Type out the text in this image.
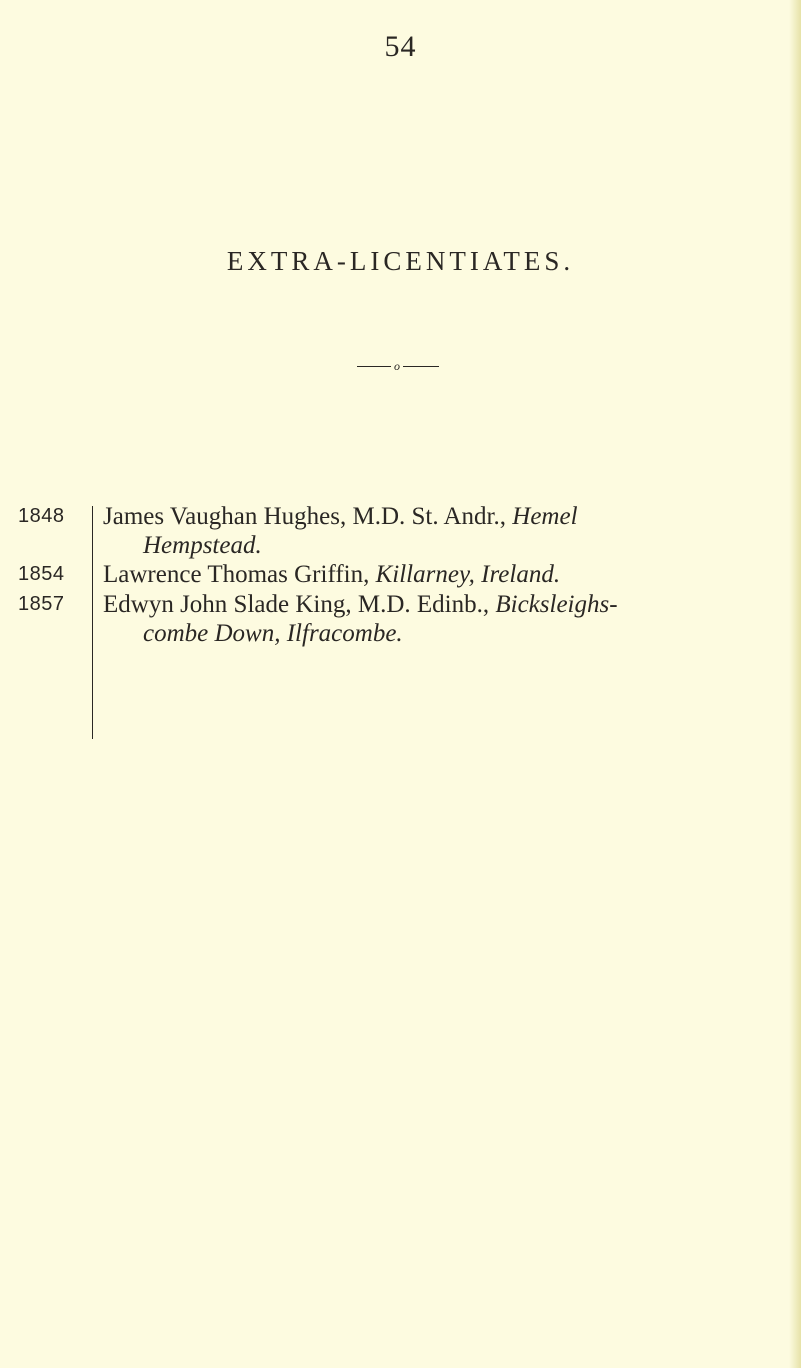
54
EXTRA-LICENTIATES.
o
1848	James Vaughan Hughes, M.D. St. Andr., Hemel
Hempstead.
1854	Lawrence Thomas Griffin, Killarney, Ireland.
1857	Edwyn John Slade King, M.D. Edinb., Bicksleighs-
combe Down, Ilfracombe.
